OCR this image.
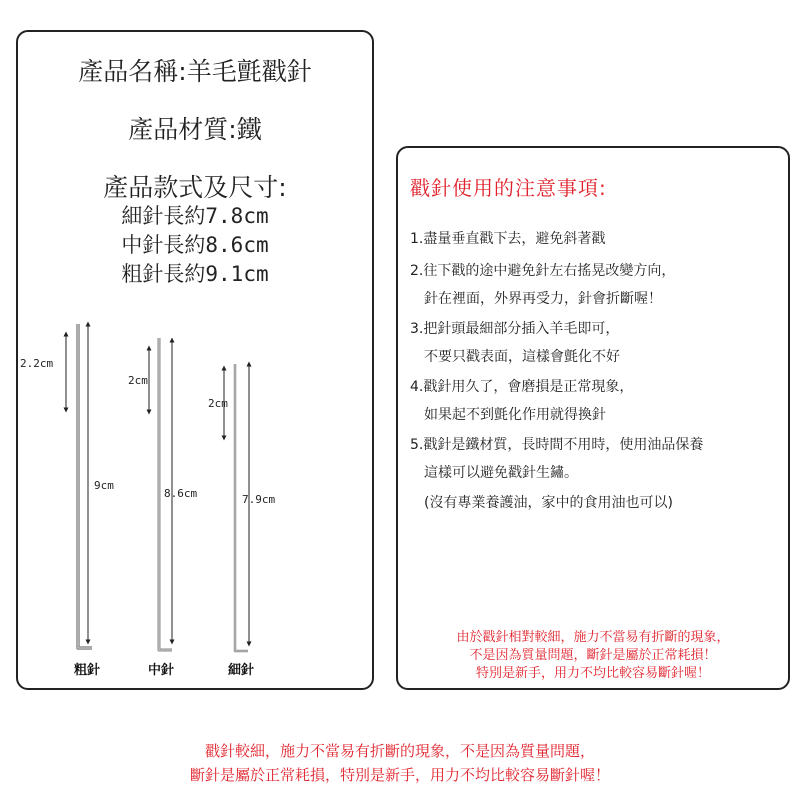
產品名稱:羊毛氈戳針
產品材質:鐵
產品款式及尺寸:
細針長約7.8cm
中針長約8.6cm
粗針長約9.1cm
2.2cm
9cm
粗針
2cm
8.6cm
中針
2cm
7.9cm
細針
戳針使用的注意事項:
1.盡量垂直戳下去，避免斜著戳
2.往下戳的途中避免針左右搖晃改變方向，
針在裡面，外界再受力，針會折斷喔！
3.把針頭最細部分插入羊毛即可，
不要只戳表面，這樣會氈化不好
4.戳針用久了，會磨損是正常現象，
如果起不到氈化作用就得換針
5.戳針是鐵材質，長時間不用時，使用油品保養
這樣可以避免戳針生鏽。
(沒有專業養護油，家中的食用油也可以)
由於戳針相對較細，施力不當易有折斷的現象，
不是因為質量問題，斷針是屬於正常耗損！
特別是新手，用力不均比較容易斷針喔！
戳針較細，施力不當易有折斷的現象，不是因為質量問題，
斷針是屬於正常耗損，特別是新手，用力不均比較容易斷針喔！
